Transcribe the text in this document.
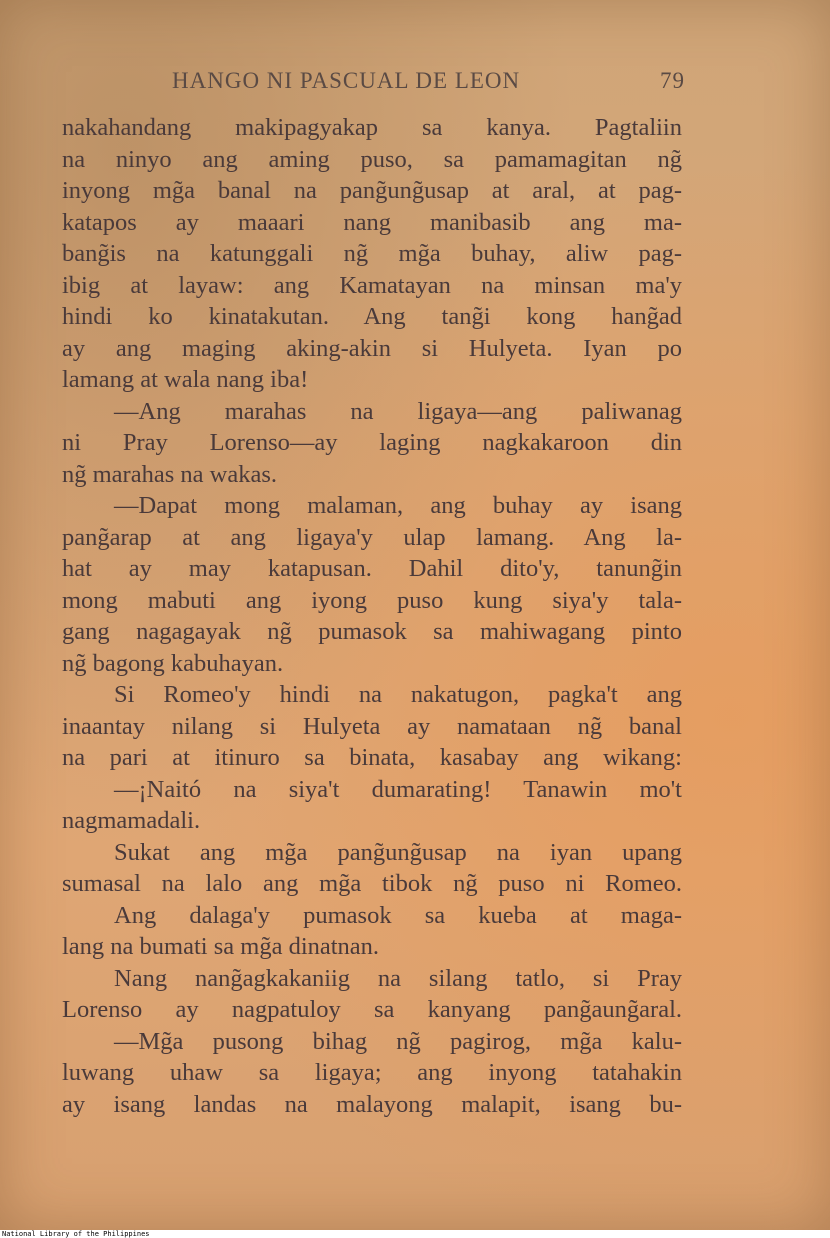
HANGO NI PASCUAL DE LEON	79
nakahandang makipagyakap sa kanya. Pagtaliin
na ninyo ang aming puso, sa pamamagitan ng̃
inyong mg̃a banal na pang̃ung̃usap at aral, at pag-
katapos ay maaari nang manibasib ang ma-
bang̃is na katunggali ng̃ mg̃a buhay, aliw pag-
ibig at layaw: ang Kamatayan na minsan ma'y
hindi ko kinatakutan. Ang tang̃i kong hang̃ad
ay ang maging aking-akin si Hulyeta. Iyan po
lamang at wala nang iba!
—Ang marahas na ligaya—ang paliwanag
ni Pray Lorenso—ay laging nagkakaroon din
ng̃ marahas na wakas.
—Dapat mong malaman, ang buhay ay isang
pang̃arap at ang ligaya'y ulap lamang. Ang la-
hat ay may katapusan. Dahil dito'y, tanung̃in
mong mabuti ang iyong puso kung siya'y tala-
gang nagagayak ng̃ pumasok sa mahiwagang pinto
ng̃ bagong kabuhayan.
Si Romeo'y hindi na nakatugon, pagka't ang
inaantay nilang si Hulyeta ay namataan ng̃ banal
na pari at itinuro sa binata, kasabay ang wikang:
—¡Naitó na siya't dumarating! Tanawin mo't
nagmamadali.
Sukat ang mg̃a pang̃ung̃usap na iyan upang
sumasal na lalo ang mg̃a tibok ng̃ puso ni Romeo.
Ang dalaga'y pumasok sa kueba at maga-
lang na bumati sa mg̃a dinatnan.
Nang nang̃agkakaniig na silang tatlo, si Pray
Lorenso ay nagpatuloy sa kanyang pang̃aung̃aral.
—Mg̃a pusong bihag ng̃ pagirog, mg̃a kalu-
luwang uhaw sa ligaya; ang inyong tatahakin
ay isang landas na malayong malapit, isang bu-
National Library of the Philippines
